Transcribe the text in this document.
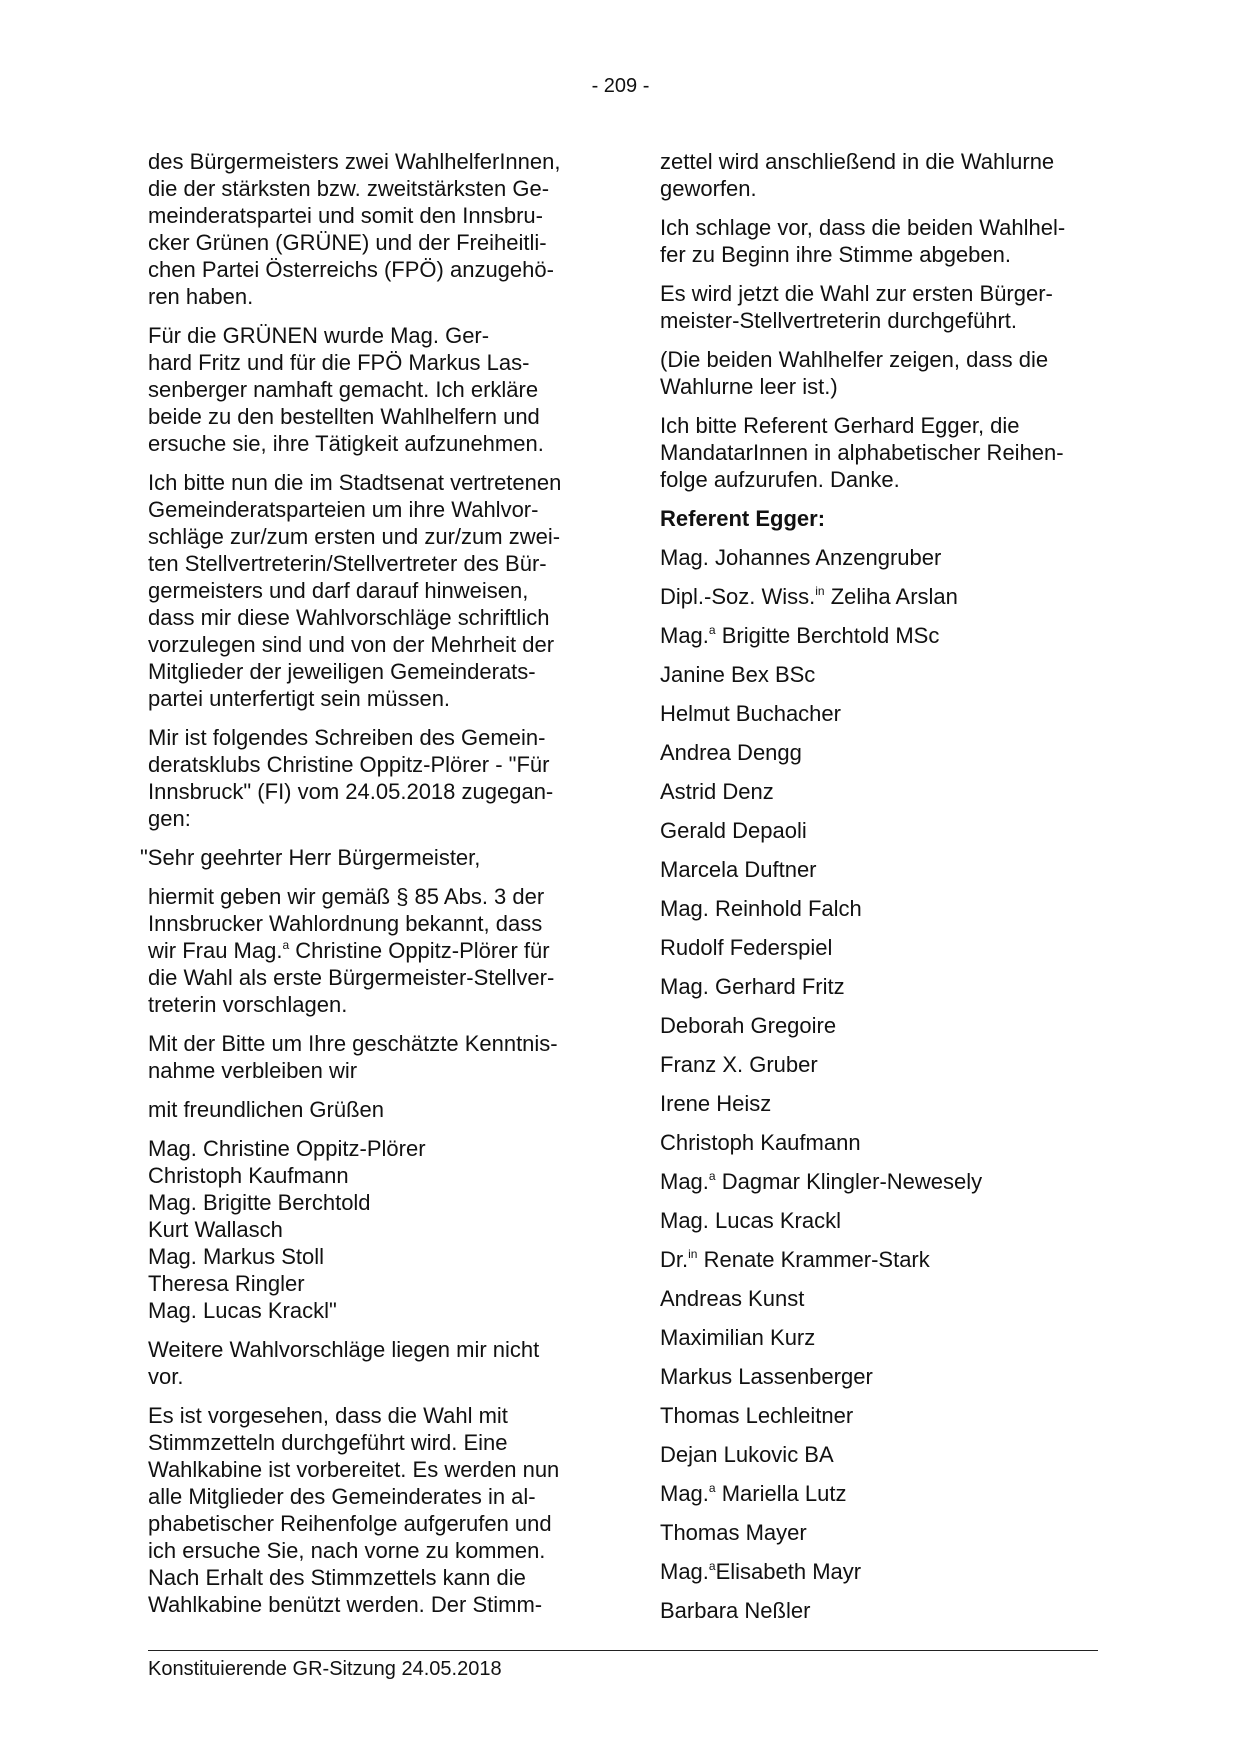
- 209 -

des Bürgermeisters zwei WahlhelferInnen,

die der stärksten bzw. zweitstärksten Ge-

meinderatspartei und somit den Innsbru-

cker Grünen (GRÜNE) und der Freiheitli-

chen Partei Österreichs (FPÖ) anzugehö-

ren haben.

Für die GRÜNEN wurde Mag. Ger-

hard Fritz und für die FPÖ Markus Las-

senberger namhaft gemacht. Ich erkläre

beide zu den bestellten Wahlhelfern und

ersuche sie, ihre Tätigkeit aufzunehmen.

Ich bitte nun die im Stadtsenat vertretenen

Gemeinderatsparteien um ihre Wahlvor-

schläge zur/zum ersten und zur/zum zwei-

ten Stellvertreterin/Stellvertreter des Bür-

germeisters und darf darauf hinweisen,

dass mir diese Wahlvorschläge schriftlich

vorzulegen sind und von der Mehrheit der

Mitglieder der jeweiligen Gemeinderats-

partei unterfertigt sein müssen.

Mir ist folgendes Schreiben des Gemein-

deratsklubs Christine Oppitz-Plörer - "Für

Innsbruck" (FI) vom 24.05.2018 zugegan-

gen:

"Sehr geehrter Herr Bürgermeister,

hiermit geben wir gemäß § 85 Abs. 3 der

Innsbrucker Wahlordnung bekannt, dass

wir Frau Mag.$^a$ Christine Oppitz-Plörer für

die Wahl als erste Bürgermeister-Stellver-

treterin vorschlagen.

Mit der Bitte um Ihre geschätzte Kenntnis-

nahme verbleiben wir

mit freundlichen Grüßen

Mag. Christine Oppitz-Plörer

Christoph Kaufmann

Mag. Brigitte Berchtold

Kurt Wallasch

Mag. Markus Stoll

Theresa Ringler

Mag. Lucas Krackl"

Weitere Wahlvorschläge liegen mir nicht

vor.

Es ist vorgesehen, dass die Wahl mit

Stimmzetteln durchgeführt wird. Eine

Wahlkabine ist vorbereitet. Es werden nun

alle Mitglieder des Gemeinderates in al-

phabetischer Reihenfolge aufgerufen und

ich ersuche Sie, nach vorne zu kommen.

Nach Erhalt des Stimmzettels kann die

Wahlkabine benützt werden. Der Stimm-

zettel wird anschließend in die Wahlurne

geworfen.

Ich schlage vor, dass die beiden Wahlhel-

fer zu Beginn ihre Stimme abgeben.

Es wird jetzt die Wahl zur ersten Bürger-

meister-Stellvertreterin durchgeführt.

(Die beiden Wahlhelfer zeigen, dass die

Wahlurne leer ist.)

Ich bitte Referent Gerhard Egger, die

MandatarInnen in alphabetischer Reihen-

folge aufzurufen. Danke.

Referent Egger:

Mag. Johannes Anzengruber

Dipl.-Soz. Wiss.$^{in}$ Zeliha Arslan

Mag.$^a$ Brigitte Berchtold MSc

Janine Bex BSc

Helmut Buchacher

Andrea Dengg

Astrid Denz

Gerald Depaoli

Marcela Duftner

Mag. Reinhold Falch

Rudolf Federspiel

Mag. Gerhard Fritz

Deborah Gregoire

Franz X. Gruber

Irene Heisz

Christoph Kaufmann

Mag.$^a$ Dagmar Klingler-Newesely

Mag. Lucas Krackl

Dr.$^{in}$ Renate Krammer-Stark

Andreas Kunst

Maximilian Kurz

Markus Lassenberger

Thomas Lechleitner

Dejan Lukovic BA

Mag.$^a$ Mariella Lutz

Thomas Mayer

Mag.$^a$Elisabeth Mayr

Barbara Neßler

Konstituierende GR-Sitzung 24.05.2018
